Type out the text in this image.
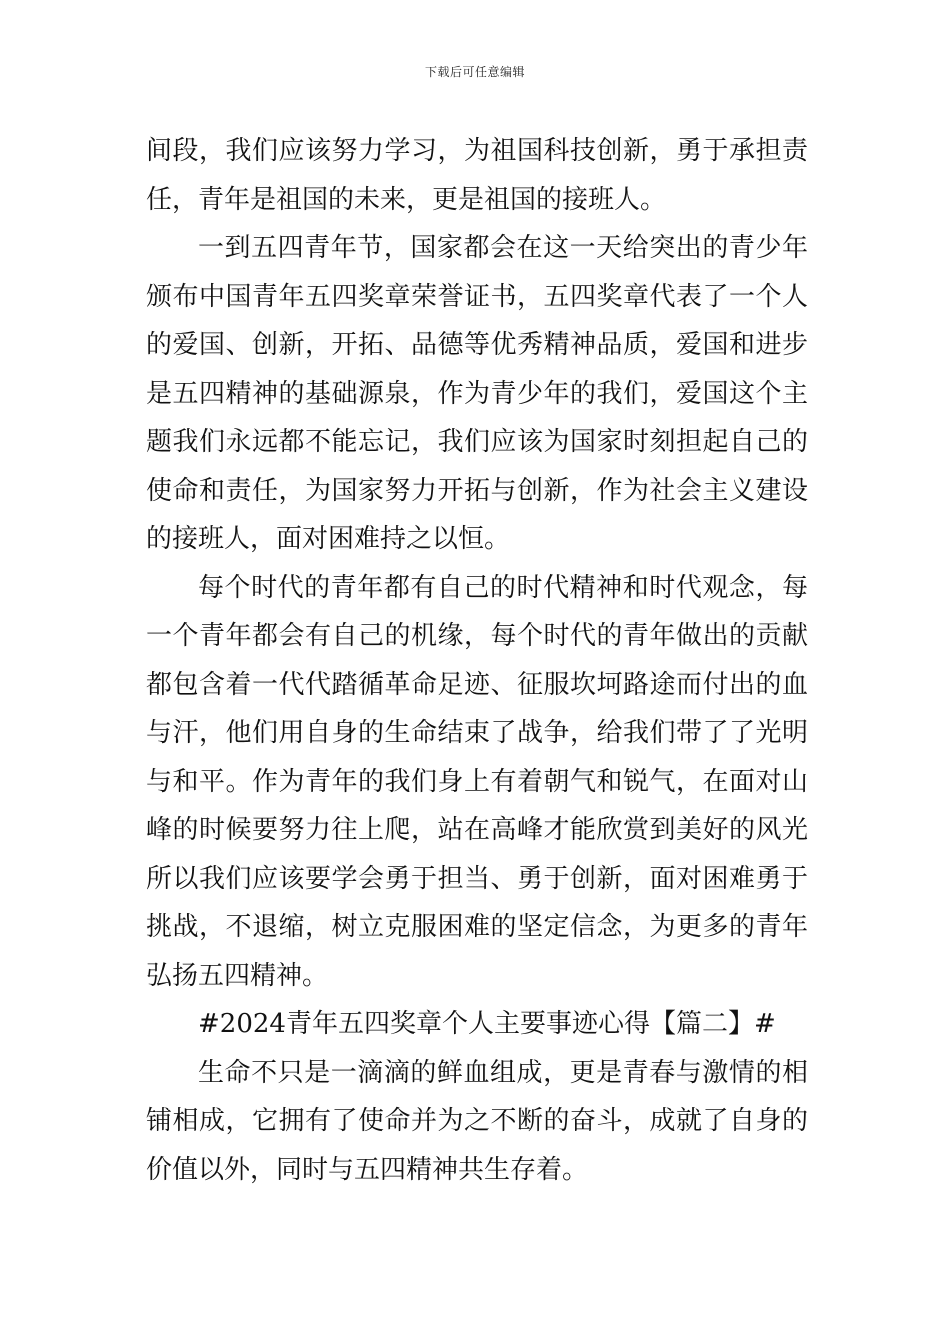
下载后可任意编辑

间段，我们应该努力学习，为祖国科技创新，勇于承担责任，青年是祖国的未来，更是祖国的接班人。

一到五四青年节，国家都会在这一天给突出的青少年颁布中国青年五四奖章荣誉证书，五四奖章代表了一个人的爱国、创新，开拓、品德等优秀精神品质，爱国和进步是五四精神的基础源泉，作为青少年的我们，爱国这个主题我们永远都不能忘记，我们应该为国家时刻担起自己的使命和责任，为国家努力开拓与创新，作为社会主义建设的接班人，面对困难持之以恒。

每个时代的青年都有自己的时代精神和时代观念，每一个青年都会有自己的机缘，每个时代的青年做出的贡献都包含着一代代踏循革命足迹、征服坎坷路途而付出的血与汗，他们用自身的生命结束了战争，给我们带了了光明与和平。作为青年的我们身上有着朝气和锐气，在面对山峰的时候要努力往上爬，站在高峰才能欣赏到美好的风光所以我们应该要学会勇于担当、勇于创新，面对困难勇于挑战，不退缩，树立克服困难的坚定信念，为更多的青年弘扬五四精神。

#2024青年五四奖章个人主要事迹心得【篇二】#

生命不只是一滴滴的鲜血组成，更是青春与激情的相铺相成，它拥有了使命并为之不断的奋斗，成就了自身的价值以外，同时与五四精神共生存着。
